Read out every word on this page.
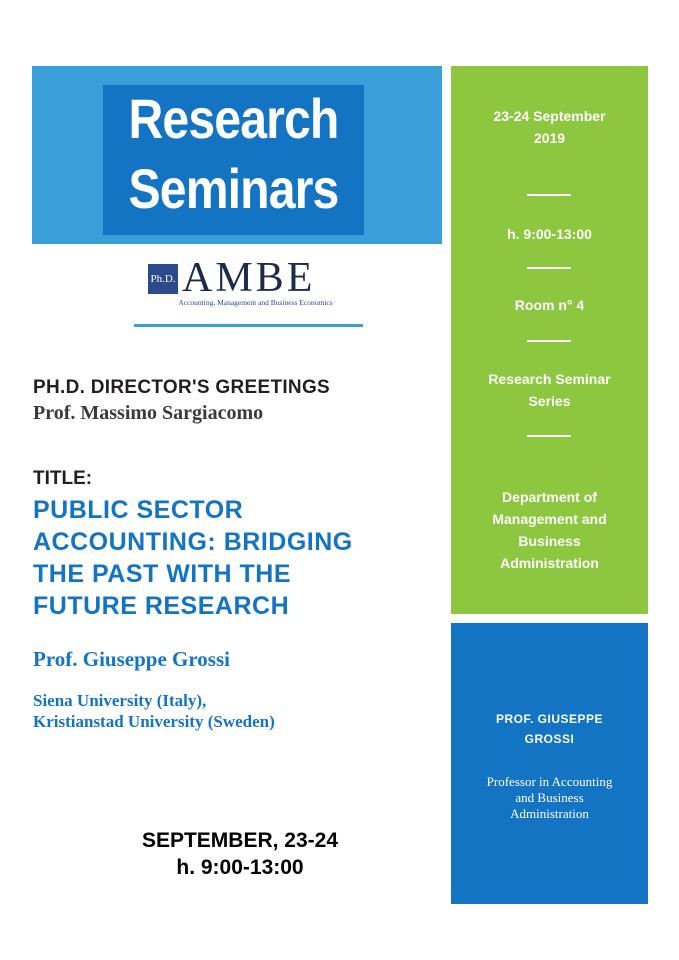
Research
Seminars
Ph.D. AMBE
Accounting, Management and Business Economics
PH.D. DIRECTOR'S GREETINGS
Prof. Massimo Sargiacomo
TITLE:
PUBLIC SECTOR
ACCOUNTING: BRIDGING
THE PAST WITH THE
FUTURE RESEARCH
Prof. Giuseppe Grossi
Siena University (Italy),
Kristianstad University (Sweden)
SEPTEMBER, 23-24
h. 9:00-13:00
23-24 September
2019
h. 9:00-13:00
Room n° 4
Research Seminar
Series
Department of
Management and
Business
Administration
PROF. GIUSEPPE
GROSSI
Professor in Accounting
and Business
Administration
